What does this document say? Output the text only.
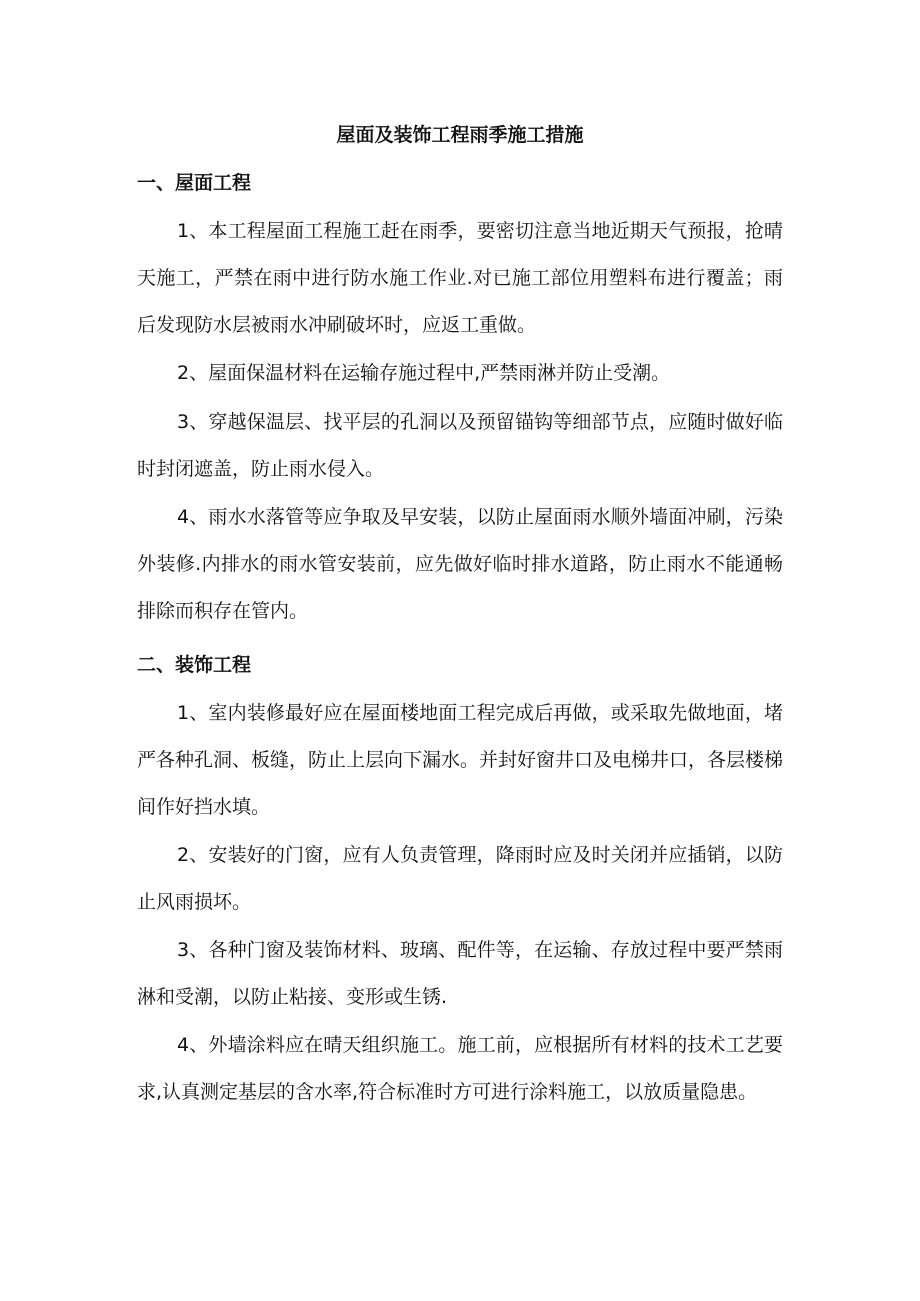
屋面及装饰工程雨季施工措施
一、屋面工程

1、本工程屋面工程施工赶在雨季，要密切注意当地近期天气预报，抢晴天施工，严禁在雨中进行防水施工作业.对已施工部位用塑料布进行覆盖；雨后发现防水层被雨水冲刷破坏时，应返工重做。

2、屋面保温材料在运输存施过程中,严禁雨淋并防止受潮。

3、穿越保温层、找平层的孔洞以及预留锚钩等细部节点，应随时做好临时封闭遮盖，防止雨水侵入。

4、雨水水落管等应争取及早安装，以防止屋面雨水顺外墙面冲刷，污染外装修.内排水的雨水管安装前，应先做好临时排水道路，防止雨水不能通畅排除而积存在管内。

二、装饰工程

1、室内装修最好应在屋面楼地面工程完成后再做，或采取先做地面，堵严各种孔洞、板缝，防止上层向下漏水。并封好窗井口及电梯井口，各层楼梯间作好挡水填。

2、安装好的门窗，应有人负责管理，降雨时应及时关闭并应插销，以防止风雨损坏。

3、各种门窗及装饰材料、玻璃、配件等，在运输、存放过程中要严禁雨淋和受潮，以防止粘接、变形或生锈.

4、外墙涂料应在晴天组织施工。施工前，应根据所有材料的技术工艺要求,认真测定基层的含水率,符合标准时方可进行涂料施工，以放质量隐患。
